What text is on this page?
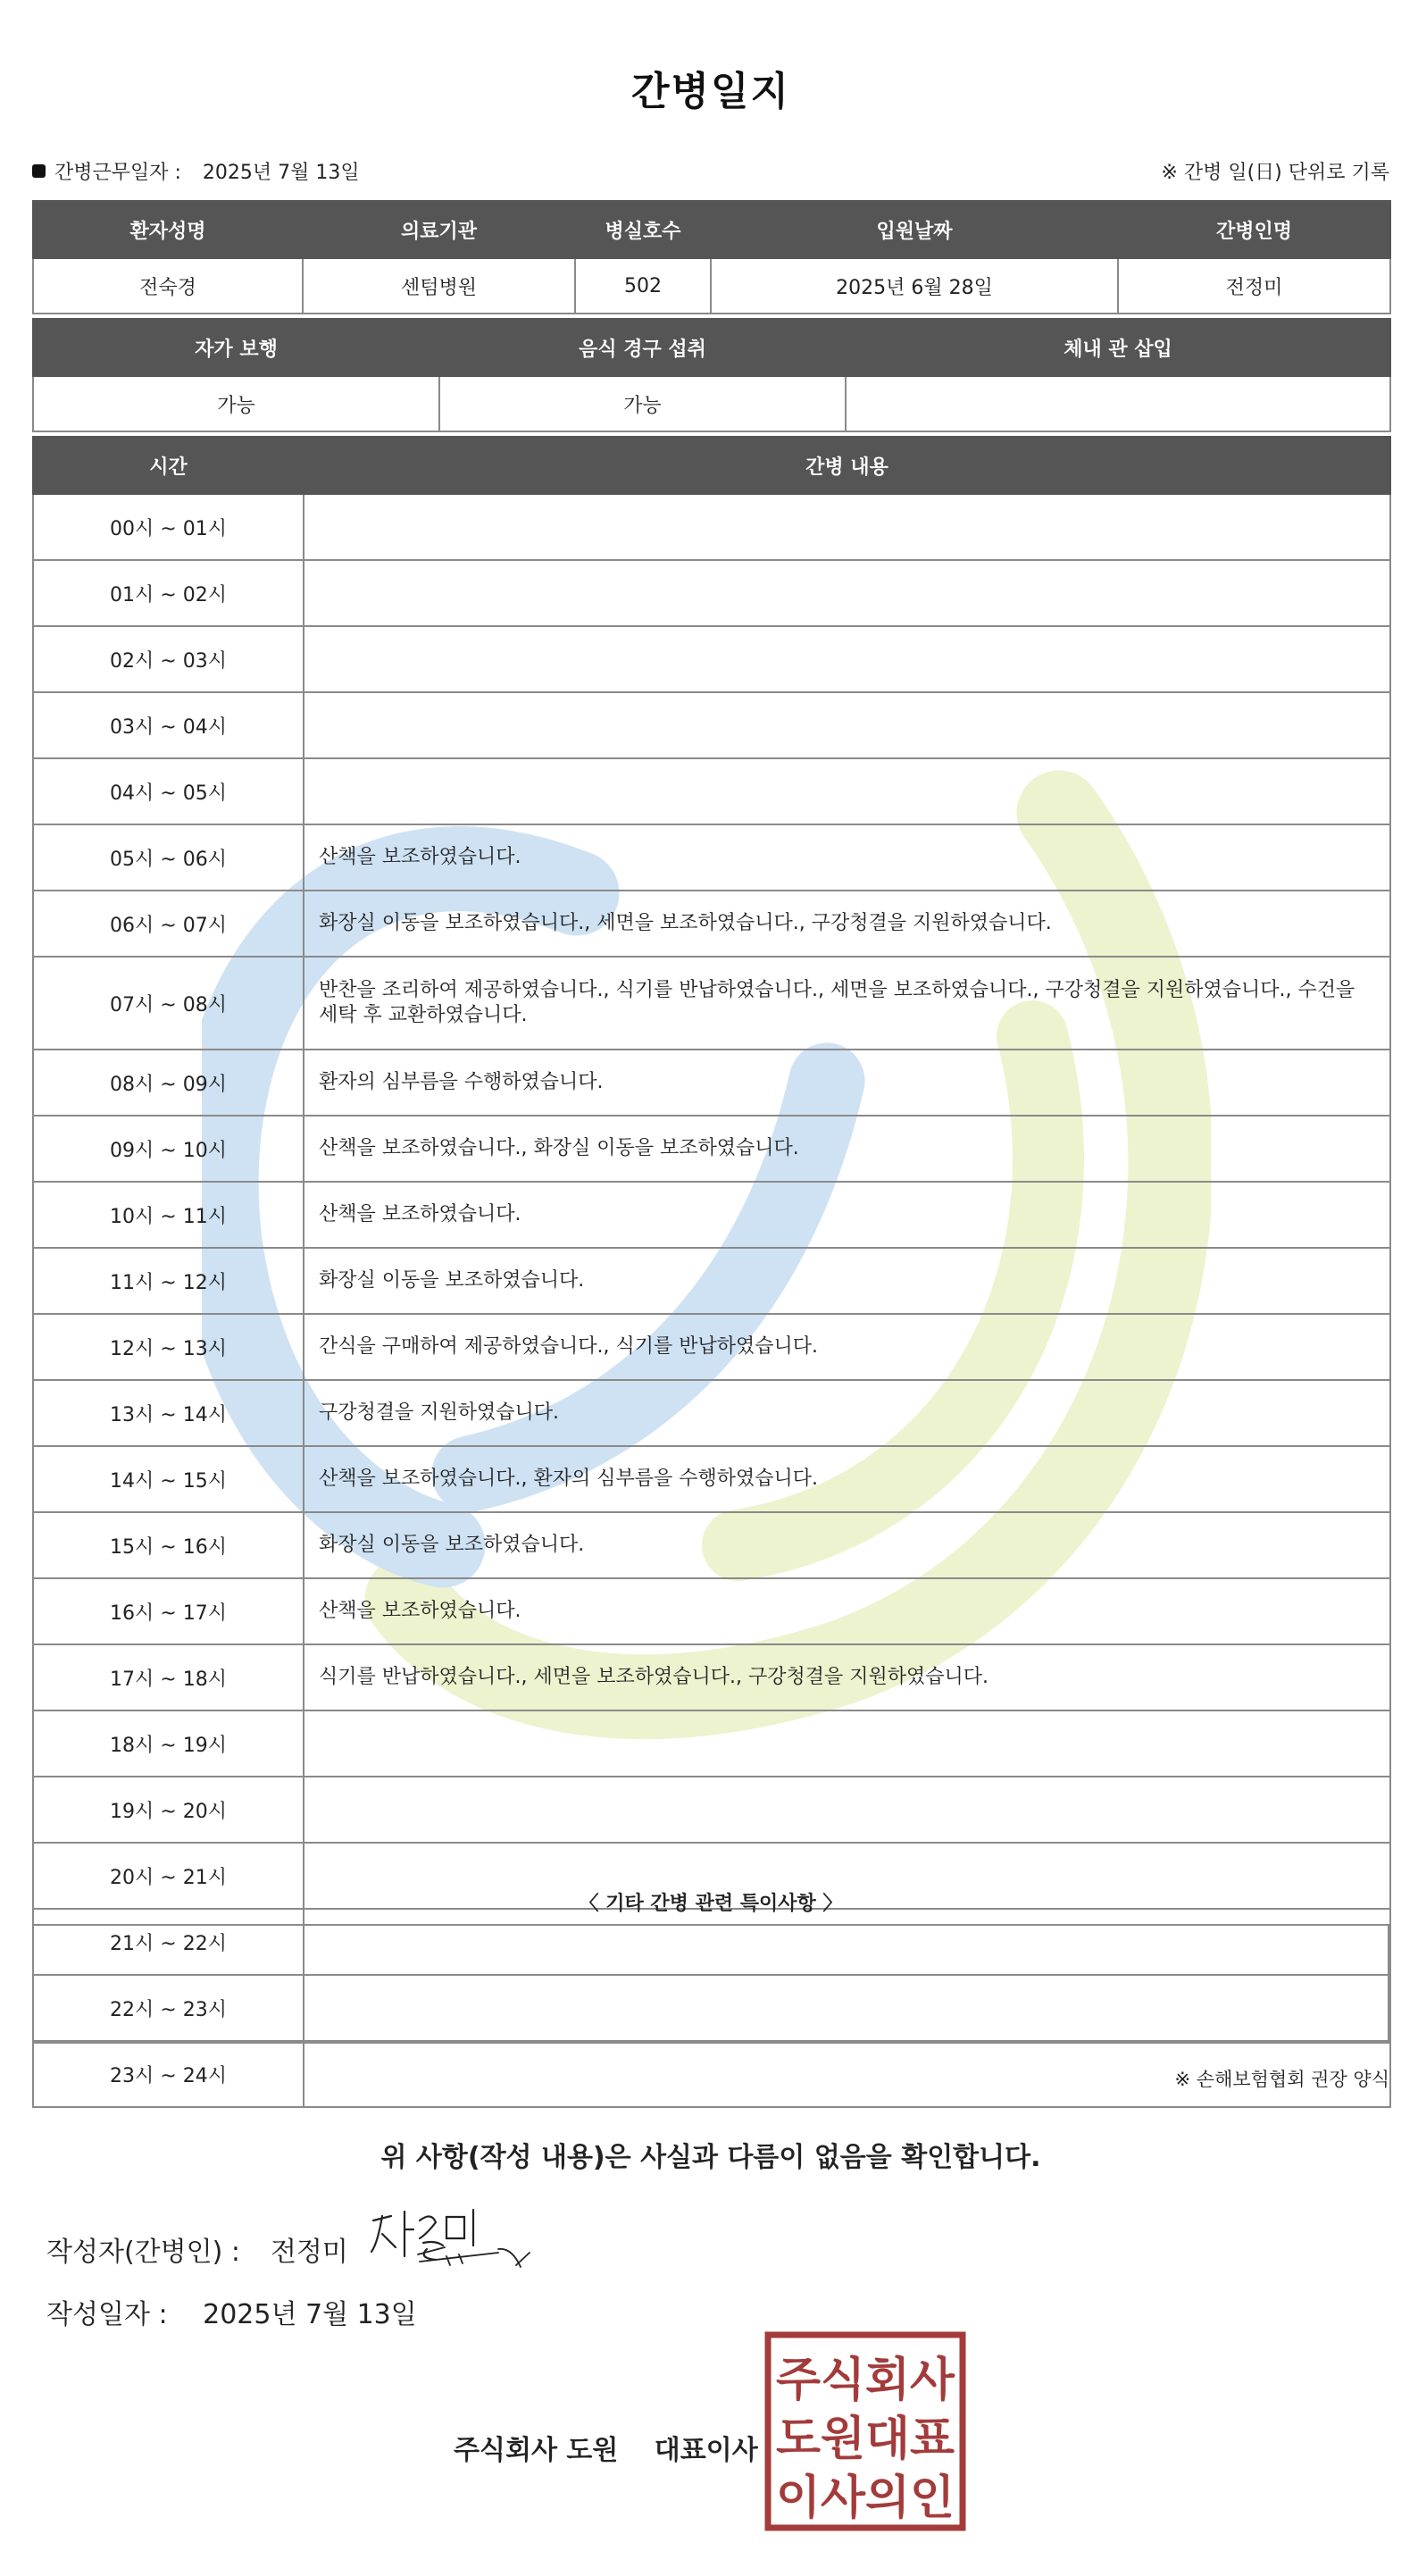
간병일지
간병근무일자 : 2025년 7월 13일	※ 간병 일(日) 단위로 기록
환자성명	의료기관	병실호수	입원날짜	간병인명
전숙경	센텀병원	502	2025년 6월 28일	전정미
자가 보행	음식 경구 섭취	체내 관 삽입
가능	가능	
시간	간병 내용
00시 ~ 01시	
01시 ~ 02시	
02시 ~ 03시	
03시 ~ 04시	
04시 ~ 05시	
05시 ~ 06시	산책을 보조하였습니다.
06시 ~ 07시	화장실 이동을 보조하였습니다., 세면을 보조하였습니다., 구강청결을 지원하였습니다.
07시 ~ 08시	반찬을 조리하여 제공하였습니다., 식기를 반납하였습니다., 세면을 보조하였습니다., 구강청결을 지원하였습니다., 수건을 세탁 후 교환하였습니다.
08시 ~ 09시	환자의 심부름을 수행하였습니다.
09시 ~ 10시	산책을 보조하였습니다., 화장실 이동을 보조하였습니다.
10시 ~ 11시	산책을 보조하였습니다.
11시 ~ 12시	화장실 이동을 보조하였습니다.
12시 ~ 13시	간식을 구매하여 제공하였습니다., 식기를 반납하였습니다.
13시 ~ 14시	구강청결을 지원하였습니다.
14시 ~ 15시	산책을 보조하였습니다., 환자의 심부름을 수행하였습니다.
15시 ~ 16시	화장실 이동을 보조하였습니다.
16시 ~ 17시	산책을 보조하였습니다.
17시 ~ 18시	식기를 반납하였습니다., 세면을 보조하였습니다., 구강청결을 지원하였습니다.
18시 ~ 19시	
19시 ~ 20시	
20시 ~ 21시	
21시 ~ 22시	
22시 ~ 23시	
23시 ~ 24시	
〈 기타 간병 관련 특이사항 〉
※ 손해보험협회 권장 양식
위 사항(작성 내용)은 사실과 다름이 없음을 확인합니다.
작성자(간병인) : 전정미
작성일자 : 2025년 7월 13일
주식회사 도원 대표이사
주식회사
도원대표
이사의인
